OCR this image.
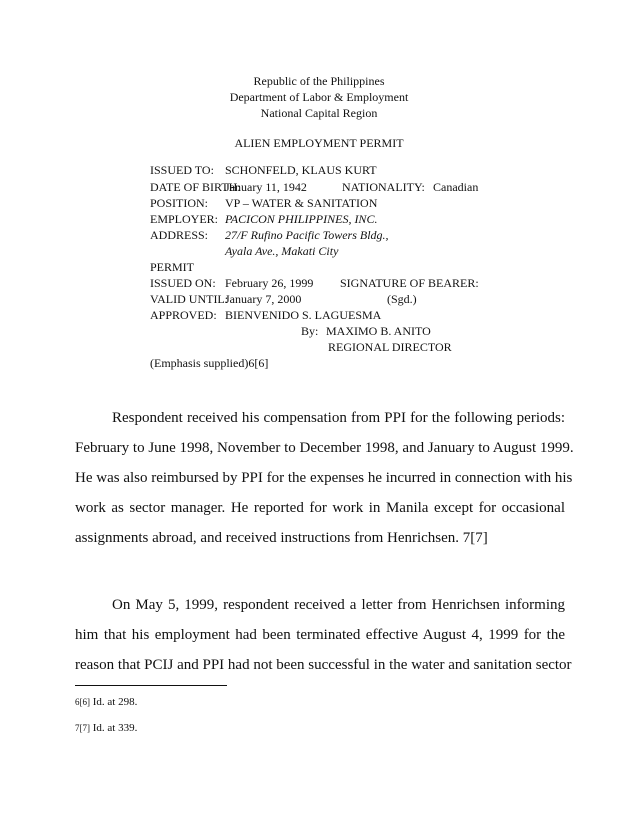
Republic of the Philippines
Department of Labor & Employment
National Capital Region
ALIEN EMPLOYMENT PERMIT
ISSUED TO: SCHONFELD, KLAUS KURT
DATE OF BIRTH:
January 11, 1942	NATIONALITY: Canadian
POSITION: VP – WATER & SANITATION
EMPLOYER: PACICON PHILIPPINES, INC.
ADDRESS: 27/F Rufino Pacific Towers Bldg.,
Ayala Ave., Makati City
PERMIT
ISSUED ON: February 26, 1999 SIGNATURE OF BEARER:
VALID UNTIL:
January 7, 2000	(Sgd.)
APPROVED: BIENVENIDO S. LAGUESMA
By: MAXIMO B. ANITO
REGIONAL DIRECTOR
(Emphasis supplied)6[6]
Respondent received his compensation from PPI for the following periods:
February to June 1998, November to December 1998, and January to August 1999.
He was also reimbursed by PPI for the expenses he incurred in connection with his
work as sector manager. He reported for work in Manila except for occasional
assignments abroad, and received instructions from Henrichsen. 7[7]
On May 5, 1999, respondent received a letter from Henrichsen informing
him that his employment had been terminated effective August 4, 1999 for the
reason that PCIJ and PPI had not been successful in the water and sanitation sector
6[6] Id. at 298.
7[7] Id. at 339.
